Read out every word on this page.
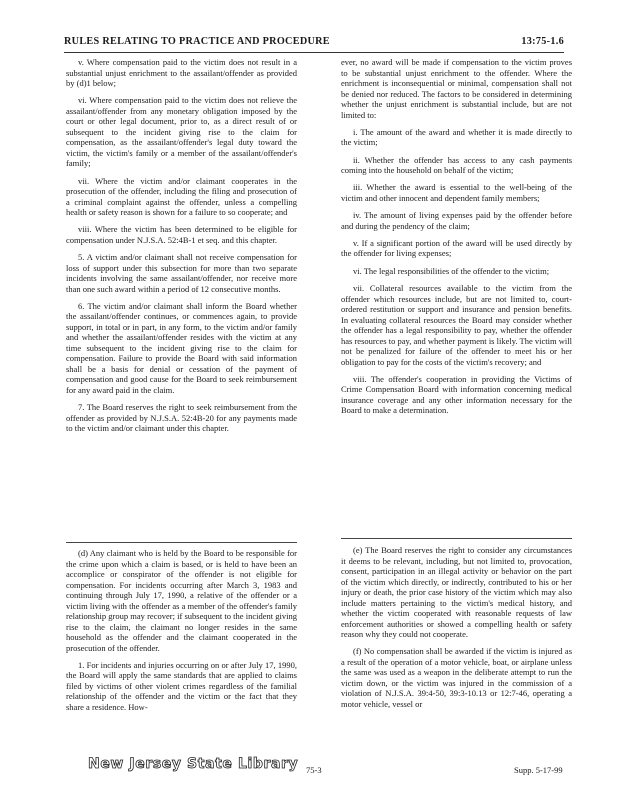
RULES RELATING TO PRACTICE AND PROCEDURE	13:75-1.6

v. Where compensation paid to the victim does not result in a substantial unjust enrichment to the assailant/offender as provided by (d)1 below;

vi. Where compensation paid to the victim does not relieve the assailant/offender from any monetary obligation imposed by the court or other legal document, prior to, as a direct result of or subsequent to the incident giving rise to the claim for compensation, as the assailant/offender's legal duty toward the victim, the victim's family or a member of the assailant/offender's family;

vii. Where the victim and/or claimant cooperates in the prosecution of the offender, including the filing and prosecution of a criminal complaint against the offender, unless a compelling health or safety reason is shown for a failure to so cooperate; and

viii. Where the victim has been determined to be eligible for compensation under N.J.S.A. 52:4B-1 et seq. and this chapter.

5. A victim and/or claimant shall not receive compensation for loss of support under this subsection for more than two separate incidents involving the same assailant/offender, nor receive more than one such award within a period of 12 consecutive months.

6. The victim and/or claimant shall inform the Board whether the assailant/offender continues, or commences again, to provide support, in total or in part, in any form, to the victim and/or family and whether the assailant/offender resides with the victim at any time subsequent to the incident giving rise to the claim for compensation. Failure to provide the Board with said information shall be a basis for denial or cessation of the payment of compensation and good cause for the Board to seek reimbursement for any award paid in the claim.

7. The Board reserves the right to seek reimbursement from the offender as provided by N.J.S.A. 52:4B-20 for any payments made to the victim and/or claimant under this chapter.

ever, no award will be made if compensation to the victim proves to be substantial unjust enrichment to the offender. Where the enrichment is inconsequential or minimal, compensation shall not be denied nor reduced. The factors to be considered in determining whether the unjust enrichment is substantial include, but are not limited to:

i. The amount of the award and whether it is made directly to the victim;

ii. Whether the offender has access to any cash payments coming into the household on behalf of the victim;

iii. Whether the award is essential to the well-being of the victim and other innocent and dependent family members;

iv. The amount of living expenses paid by the offender before and during the pendency of the claim;

v. If a significant portion of the award will be used directly by the offender for living expenses;

vi. The legal responsibilities of the offender to the victim;

vii. Collateral resources available to the victim from the offender which resources include, but are not limited to, court-ordered restitution or support and insurance and pension benefits. In evaluating collateral resources the Board may consider whether the offender has a legal responsibility to pay, whether the offender has resources to pay, and whether payment is likely. The victim will not be penalized for failure of the offender to meet his or her obligation to pay for the costs of the victim's recovery; and

viii. The offender's cooperation in providing the Victims of Crime Compensation Board with information concerning medical insurance coverage and any other information necessary for the Board to make a determination.

(d) Any claimant who is held by the Board to be responsible for the crime upon which a claim is based, or is held to have been an accomplice or conspirator of the offender is not eligible for compensation. For incidents occurring after March 3, 1983 and continuing through July 17, 1990, a relative of the offender or a victim living with the offender as a member of the offender's family relationship group may recover; if subsequent to the incident giving rise to the claim, the claimant no longer resides in the same household as the offender and the claimant cooperated in the prosecution of the offender.

1. For incidents and injuries occurring on or after July 17, 1990, the Board will apply the same standards that are applied to claims filed by victims of other violent crimes regardless of the familial relationship of the offender and the victim or the fact that they share a residence. How-

(e) The Board reserves the right to consider any circumstances it deems to be relevant, including, but not limited to, provocation, consent, participation in an illegal activity or behavior on the part of the victim which directly, or indirectly, contributed to his or her injury or death, the prior case history of the victim which may also include matters pertaining to the victim's medical history, and whether the victim cooperated with reasonable requests of law enforcement authorities or showed a compelling health or safety reason why they could not cooperate.

(f) No compensation shall be awarded if the victim is injured as a result of the operation of a motor vehicle, boat, or airplane unless the same was used as a weapon in the deliberate attempt to run the victim down, or the victim was injured in the commission of a violation of N.J.S.A. 39:4-50, 39:3-10.13 or 12:7-46, operating a motor vehicle, vessel or

New Jersey State Library 75-3	Supp. 5-17-99
